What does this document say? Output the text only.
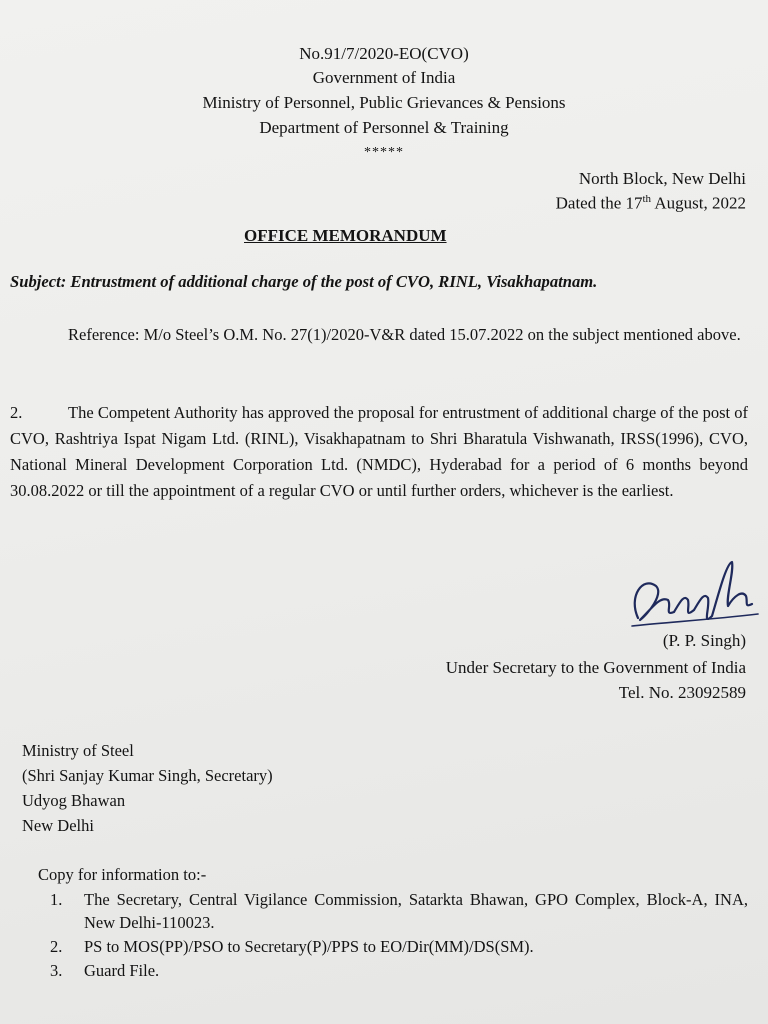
No.91/7/2020-EO(CVO)
Government of India
Ministry of Personnel, Public Grievances & Pensions
Department of Personnel & Training
*****
North Block, New Delhi
Dated the 17th August, 2022
OFFICE MEMORANDUM
Subject: Entrustment of additional charge of the post of CVO, RINL, Visakhapatnam.
Reference: M/o Steel’s O.M. No. 27(1)/2020-V&R dated 15.07.2022 on the subject mentioned above.
2.	The Competent Authority has approved the proposal for entrustment of additional charge of the post of CVO, Rashtriya Ispat Nigam Ltd. (RINL), Visakhapatnam to Shri Bharatula Vishwanath, IRSS(1996), CVO, National Mineral Development Corporation Ltd. (NMDC), Hyderabad for a period of 6 months beyond 30.08.2022 or till the appointment of a regular CVO or until further orders, whichever is the earliest.
(P. P. Singh)
Under Secretary to the Government of India
Tel. No. 23092589
Ministry of Steel
(Shri Sanjay Kumar Singh, Secretary)
Udyog Bhawan
New Delhi
Copy for information to:-
1. The Secretary, Central Vigilance Commission, Satarkta Bhawan, GPO Complex, Block-A, INA, New Delhi-110023.
2. PS to MOS(PP)/PSO to Secretary(P)/PPS to EO/Dir(MM)/DS(SM).
3. Guard File.
